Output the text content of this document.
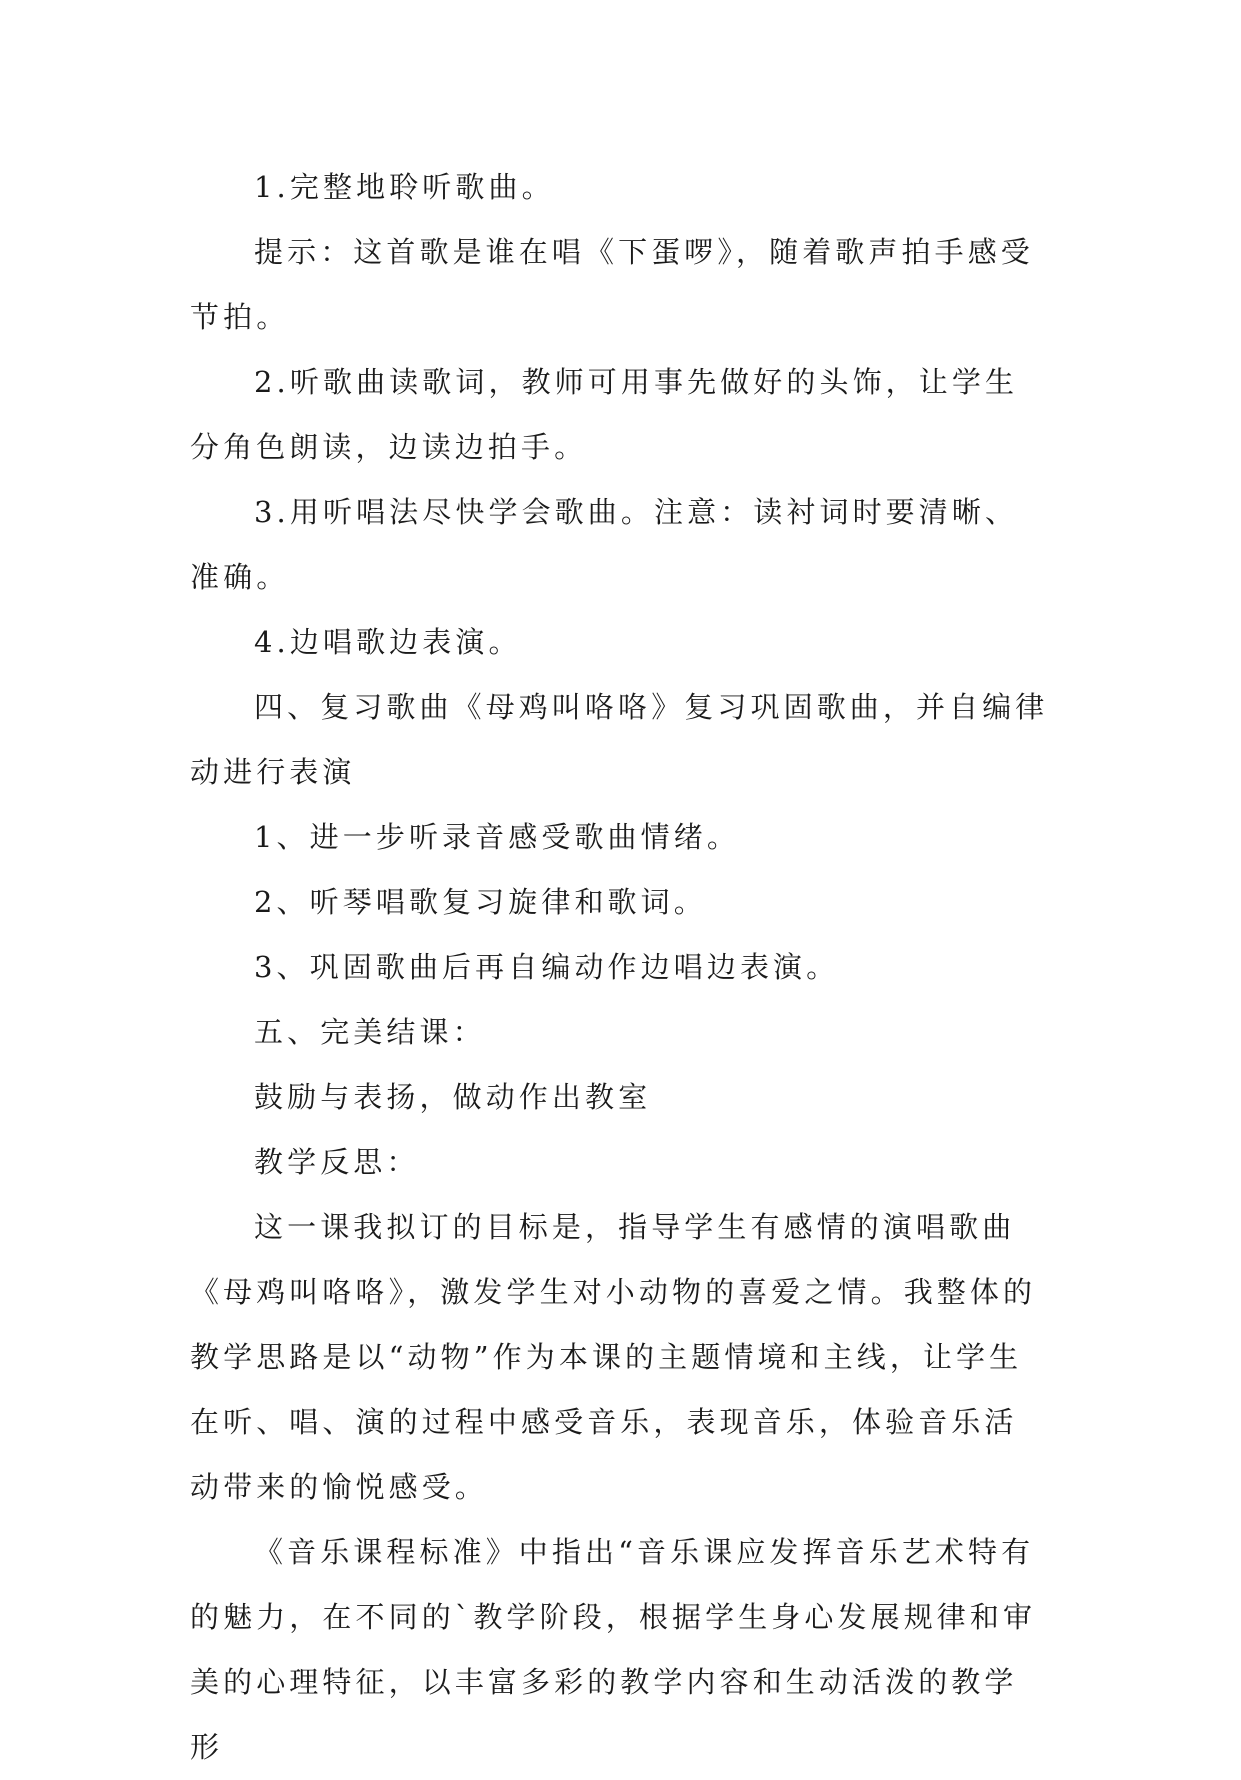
1.完整地聆听歌曲。

提示：这首歌是谁在唱《下蛋啰》，随着歌声拍手感受节拍。

2.听歌曲读歌词，教师可用事先做好的头饰，让学生分角色朗读，边读边拍手。

3.用听唱法尽快学会歌曲。注意：读衬词时要清晰、准确。

4.边唱歌边表演。

四、复习歌曲《母鸡叫咯咯》复习巩固歌曲，并自编律动进行表演

1、进一步听录音感受歌曲情绪。

2、听琴唱歌复习旋律和歌词。

3、巩固歌曲后再自编动作边唱边表演。

五、完美结课：

鼓励与表扬，做动作出教室

教学反思：

这一课我拟订的目标是，指导学生有感情的演唱歌曲《母鸡叫咯咯》，激发学生对小动物的喜爱之情。我整体的教学思路是以“动物”作为本课的主题情境和主线，让学生在听、唱、演的过程中感受音乐，表现音乐，体验音乐活动带来的愉悦感受。

《音乐课程标准》中指出“音乐课应发挥音乐艺术特有的魅力，在不同的`教学阶段，根据学生身心发展规律和审美的心理特征，以丰富多彩的教学内容和生动活泼的教学形
